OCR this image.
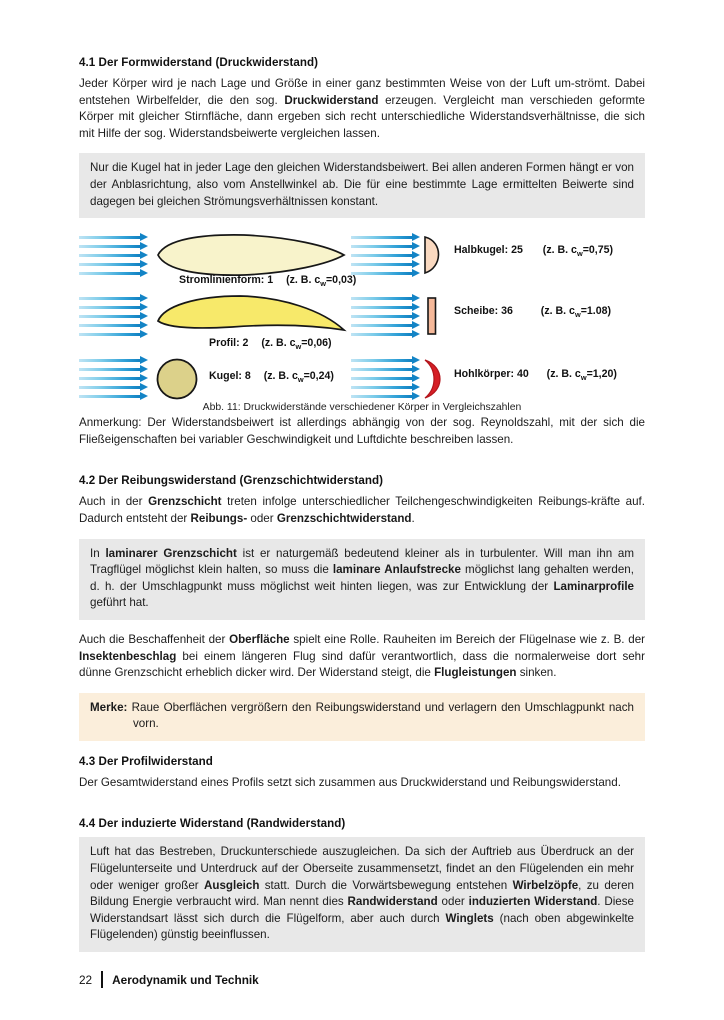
4.1 Der Formwiderstand (Druckwiderstand)

Jeder Körper wird je nach Lage und Größe in einer ganz bestimmten Weise von der Luft um-strömt. Dabei entstehen Wirbelfelder, die den sog. Druckwiderstand erzeugen. Vergleicht man verschieden geformte Körper mit gleicher Stirnfläche, dann ergeben sich recht unterschiedliche Widerstandsverhältnisse, die sich mit Hilfe der sog. Widerstandsbeiwerte vergleichen lassen.

Nur die Kugel hat in jeder Lage den gleichen Widerstandsbeiwert. Bei allen anderen Formen hängt er von der Anblasrichtung, also vom Anstellwinkel ab. Die für eine bestimmte Lage ermittelten Beiwerte sind dagegen bei gleichen Strömungsverhältnissen konstant.

Halbkugel: 25 (z. B. $c_w=0,75$)
Stromlinienform: 1 (z. B. $c_w=0,03$)
Scheibe: 36	(z. B. $c_w=1.08$)
Profil: 2 (z. B. $c_w=0,06$)
Kugel: 8 (z. B. $c_w=0,24$)	Hohlkörper: 40 (z. B. $c_w=1,20$)
Abb. 11: Druckwiderstände verschiedener Körper in Vergleichszahlen

Anmerkung: Der Widerstandsbeiwert ist allerdings abhängig von der sog. Reynoldszahl, mit der sich die Fließeigenschaften bei variabler Geschwindigkeit und Luftdichte beschreiben lassen.

4.2 Der Reibungswiderstand (Grenzschichtwiderstand)

Auch in der Grenzschicht treten infolge unterschiedlicher Teilchengeschwindigkeiten Reibungs-kräfte auf. Dadurch entsteht der Reibungs- oder Grenzschichtwiderstand.

In laminarer Grenzschicht ist er naturgemäß bedeutend kleiner als in turbulenter. Will man ihn am Tragflügel möglichst klein halten, so muss die laminare Anlaufstrecke möglichst lang gehalten werden, d. h. der Umschlagpunkt muss möglichst weit hinten liegen, was zur Entwicklung der Laminarprofile geführt hat.

Auch die Beschaffenheit der Oberfläche spielt eine Rolle. Rauheiten im Bereich der Flügelnase wie z. B. der Insektenbeschlag bei einem längeren Flug sind dafür verantwortlich, dass die normalerweise dort sehr dünne Grenzschicht erheblich dicker wird. Der Widerstand steigt, die Flugleistungen sinken.

Merke: Raue Oberflächen vergrößern den Reibungswiderstand und verlagern den Umschlagpunkt nach vorn.

4.3 Der Profilwiderstand

Der Gesamtwiderstand eines Profils setzt sich zusammen aus Druckwiderstand und Reibungswiderstand.

4.4 Der induzierte Widerstand (Randwiderstand)

Luft hat das Bestreben, Druckunterschiede auszugleichen. Da sich der Auftrieb aus Überdruck an der Flügelunterseite und Unterdruck auf der Oberseite zusammensetzt, findet an den Flügelenden ein mehr oder weniger großer Ausgleich statt. Durch die Vorwärtsbewegung entstehen Wirbelzöpfe, zu deren Bildung Energie verbraucht wird. Man nennt dies Randwiderstand oder induzierten Widerstand. Diese Widerstandsart lässt sich durch die Flügelform, aber auch durch Winglets (nach oben abgewinkelte Flügelenden) günstig beeinflussen.

22	Aerodynamik und Technik
